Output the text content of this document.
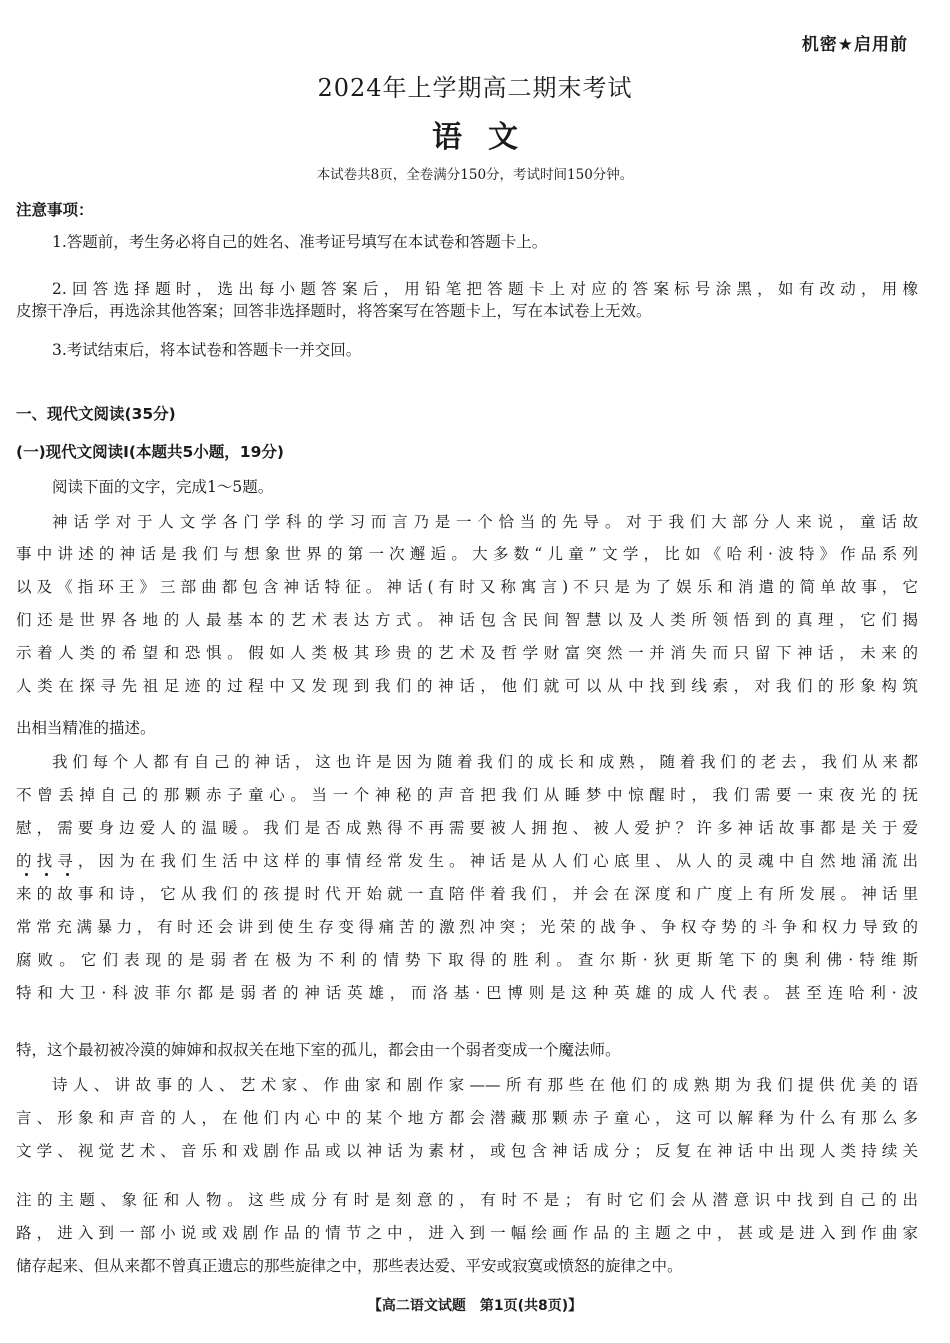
机密★启用前
2024年上学期高二期末考试
语文
本试卷共8页，全卷满分150分，考试时间150分钟。
注意事项：
1.答题前，考生务必将自己的姓名、准考证号填写在本试卷和答题卡上。
2.回答选择题时，选出每小题答案后，用铅笔把答题卡上对应的答案标号涂黑，如有改动，用橡
皮擦干净后，再选涂其他答案；回答非选择题时，将答案写在答题卡上，写在本试卷上无效。
3.考试结束后，将本试卷和答题卡一并交回。
一、现代文阅读(35分)
(一)现代文阅读Ⅰ(本题共5小题，19分)
阅读下面的文字，完成1～5题。
神话学对于人文学各门学科的学习而言乃是一个恰当的先导。对于我们大部分人来说，童话故
事中讲述的神话是我们与想象世界的第一次邂逅。大多数“儿童”文学，比如《哈利·波特》作品系列
以及《指环王》三部曲都包含神话特征。神话(有时又称寓言)不只是为了娱乐和消遣的简单故事，它
们还是世界各地的人最基本的艺术表达方式。神话包含民间智慧以及人类所领悟到的真理，它们揭
示着人类的希望和恐惧。假如人类极其珍贵的艺术及哲学财富突然一并消失而只留下神话，未来的
人类在探寻先祖足迹的过程中又发现到我们的神话，他们就可以从中找到线索，对我们的形象构筑
出相当精准的描述。
我们每个人都有自己的神话，这也许是因为随着我们的成长和成熟，随着我们的老去，我们从来都
不曾丢掉自己的那颗赤子童心。当一个神秘的声音把我们从睡梦中惊醒时，我们需要一束夜光的抚
慰，需要身边爱人的温暖。我们是否成熟得不再需要被人拥抱、被人爱护？许多神话故事都是关于爱
的找寻，因为在我们生活中这样的事情经常发生。神话是从人们心底里、从人的灵魂中自然地涌流出
来的故事和诗，它从我们的孩提时代开始就一直陪伴着我们，并会在深度和广度上有所发展。神话里
常常充满暴力，有时还会讲到使生存变得痛苦的激烈冲突；光荣的战争、争权夺势的斗争和权力导致的
腐败。它们表现的是弱者在极为不利的情势下取得的胜利。查尔斯·狄更斯笔下的奥利佛·特维斯
特和大卫·科波菲尔都是弱者的神话英雄，而洛基·巴博则是这种英雄的成人代表。甚至连哈利·波
特，这个最初被冷漠的婶婶和叔叔关在地下室的孤儿，都会由一个弱者变成一个魔法师。
诗人、讲故事的人、艺术家、作曲家和剧作家——所有那些在他们的成熟期为我们提供优美的语
言、形象和声音的人，在他们内心中的某个地方都会潜藏那颗赤子童心，这可以解释为什么有那么多
文学、视觉艺术、音乐和戏剧作品或以神话为素材，或包含神话成分；反复在神话中出现人类持续关
注的主题、象征和人物。这些成分有时是刻意的，有时不是；有时它们会从潜意识中找到自己的出
路，进入到一部小说或戏剧作品的情节之中，进入到一幅绘画作品的主题之中，甚或是进入到作曲家
储存起来、但从来都不曾真正遗忘的那些旋律之中，那些表达爱、平安或寂寞或愤怒的旋律之中。
【高二语文试题　第1页(共8页)】
